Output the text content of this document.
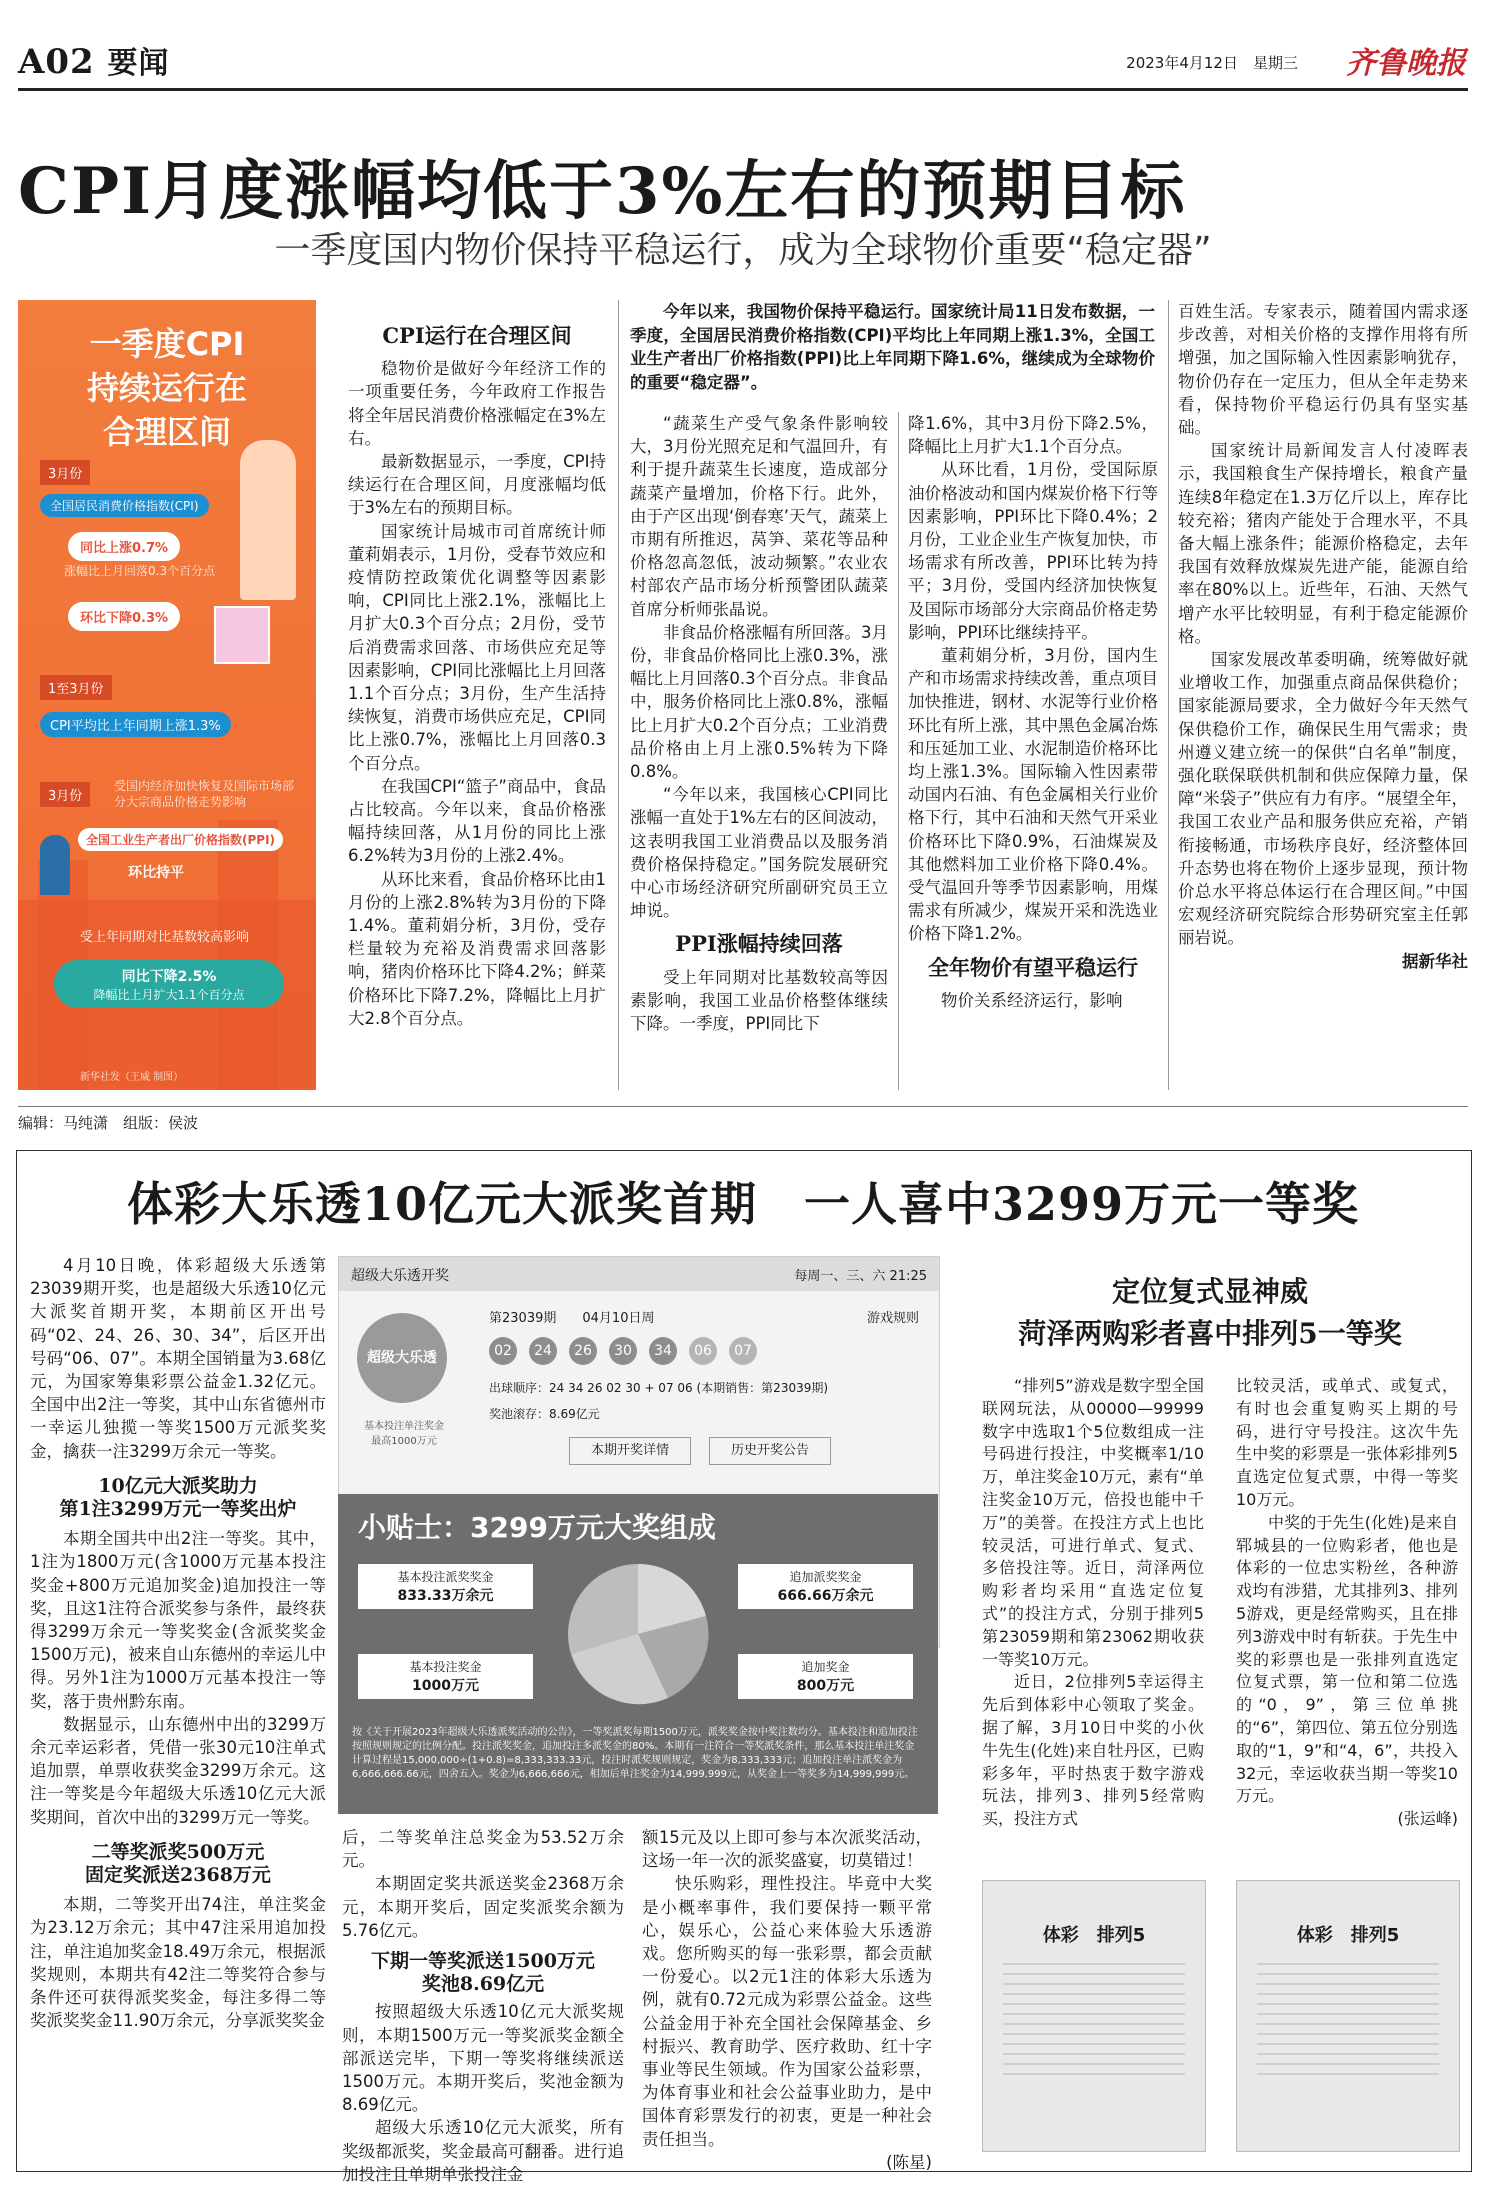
A02 要闻	2023年4月12日　 星期三 齐鲁晚报
CPI月度涨幅均低于3%左右的预期目标
一季度国内物价保持平稳运行，成为全球物价重要“稳定器”
一季度CPI
持续运行在
合理区间
3月份
全国居民消费价格指数(CPI)
同比上涨0.7%
涨幅比上月回落0.3个百分点
环比下降0.3%
1至3月份
CPI平均比上年同期上涨1.3%
3月份
受国内经济加快恢复及国际市场部分大宗商品价格走势影响
全国工业生产者出厂价格指数(PPI)
环比持平
受上年同期对比基数较高影响
同比下降2.5%
降幅比上月扩大1.1个百分点
新华社发（王威 制图）
CPI运行在合理区间

稳物价是做好今年经济工作的一项重要任务，今年政府工作报告将全年居民消费价格涨幅定在3%左右。

最新数据显示，一季度，CPI持续运行在合理区间，月度涨幅均低于3%左右的预期目标。

国家统计局城市司首席统计师董莉娟表示，1月份，受春节效应和疫情防控政策优化调整等因素影响，CPI同比上涨2.1%，涨幅比上月扩大0.3个百分点；2月份，受节后消费需求回落、市场供应充足等因素影响，CPI同比涨幅比上月回落1.1个百分点；3月份，生产生活持续恢复，消费市场供应充足，CPI同比上涨0.7%，涨幅比上月回落0.3个百分点。

在我国CPI“篮子”商品中，食品占比较高。今年以来，食品价格涨幅持续回落，从1月份的同比上涨6.2%转为3月份的上涨2.4%。

从环比来看，食品价格环比由1月份的上涨2.8%转为3月份的下降1.4%。董莉娟分析，3月份，受存栏量较为充裕及消费需求回落影响，猪肉价格环比下降4.2%；鲜菜价格环比下降7.2%，降幅比上月扩大2.8个百分点。

今年以来，我国物价保持平稳运行。国家统计局11日发布数据，一季度，全国居民消费价格指数(CPI)平均比上年同期上涨1.3%，全国工业生产者出厂价格指数(PPI)比上年同期下降1.6%，继续成为全球物价的重要“稳定器”。

“蔬菜生产受气象条件影响较大，3月份光照充足和气温回升，有利于提升蔬菜生长速度，造成部分蔬菜产量增加，价格下行。此外，由于产区出现‘倒春寒’天气，蔬菜上市期有所推迟，莴笋、菜花等品种价格忽高忽低，波动频繁。”农业农村部农产品市场分析预警团队蔬菜首席分析师张晶说。

非食品价格涨幅有所回落。3月份，非食品价格同比上涨0.3%，涨幅比上月回落0.3个百分点。非食品中，服务价格同比上涨0.8%，涨幅比上月扩大0.2个百分点；工业消费品价格由上月上涨0.5%转为下降0.8%。

“今年以来，我国核心CPI同比涨幅一直处于1%左右的区间波动，这表明我国工业消费品以及服务消费价格保持稳定。”国务院发展研究中心市场经济研究所副研究员王立坤说。

PPI涨幅持续回落

受上年同期对比基数较高等因素影响，我国工业品价格整体继续下降。一季度，PPI同比下

降1.6%，其中3月份下降2.5%，降幅比上月扩大1.1个百分点。

从环比看，1月份，受国际原油价格波动和国内煤炭价格下行等因素影响，PPI环比下降0.4%；2月份，工业企业生产恢复加快，市场需求有所改善，PPI环比转为持平；3月份，受国内经济加快恢复及国际市场部分大宗商品价格走势影响，PPI环比继续持平。

董莉娟分析，3月份，国内生产和市场需求持续改善，重点项目加快推进，钢材、水泥等行业价格环比有所上涨，其中黑色金属冶炼和压延加工业、水泥制造价格环比均上涨1.3%。国际输入性因素带动国内石油、有色金属相关行业价格下行，其中石油和天然气开采业价格环比下降0.9%，石油煤炭及其他燃料加工业价格下降0.4%。受气温回升等季节因素影响，用煤需求有所减少，煤炭开采和洗选业价格下降1.2%。

全年物价有望平稳运行

物价关系经济运行，影响

百姓生活。专家表示，随着国内需求逐步改善，对相关价格的支撑作用将有所增强，加之国际输入性因素影响犹存，物价仍存在一定压力，但从全年走势来看，保持物价平稳运行仍具有坚实基础。

国家统计局新闻发言人付凌晖表示，我国粮食生产保持增长，粮食产量连续8年稳定在1.3万亿斤以上，库存比较充裕；猪肉产能处于合理水平，不具备大幅上涨条件；能源价格稳定，去年我国有效释放煤炭先进产能，能源自给率在80%以上。近些年，石油、天然气增产水平比较明显，有利于稳定能源价格。

国家发展改革委明确，统筹做好就业增收工作，加强重点商品保供稳价；国家能源局要求，全力做好今年天然气保供稳价工作，确保民生用气需求；贵州遵义建立统一的保供“白名单”制度，强化联保联供机制和供应保障力量，保障“米袋子”供应有力有序。“展望全年，我国工农业产品和服务供应充裕，产销衔接畅通，市场秩序良好，经济整体回升态势也将在物价上逐步显现，预计物价总水平将总体运行在合理区间。”中国宏观经济研究院综合形势研究室主任郭丽岩说。

据新华社
编辑：马纯潇　组版：侯波
体彩大乐透10亿元大派奖首期　一人喜中3299万元一等奖

4月10日晚，体彩超级大乐透第23039期开奖，也是超级大乐透10亿元大派奖首期开奖，本期前区开出号码“02、24、26、30、34”，后区开出号码“06、07”。本期全国销量为3.68亿元，为国家筹集彩票公益金1.32亿元。全国中出2注一等奖，其中山东省德州市一幸运儿独揽一等奖1500万元派奖奖金，擒获一注3299万余元一等奖。

10亿元大派奖助力
第1注3299万元一等奖出炉

本期全国共中出2注一等奖。其中，1注为1800万元(含1000万元基本投注奖金+800万元追加奖金)追加投注一等奖，且这1注符合派奖参与条件，最终获得3299万余元一等奖奖金(含派奖奖金1500万元)，被来自山东德州的幸运儿中得。另外1注为1000万元基本投注一等奖，落于贵州黔东南。

数据显示，山东德州中出的3299万余元幸运彩者，凭借一张30元10注单式追加票，单票收获奖金3299万余元。这注一等奖是今年超级大乐透10亿元大派奖期间，首次中出的3299万元一等奖。

二等奖派奖500万元
固定奖派送2368万元

本期，二等奖开出74注，单注奖金为23.12万余元；其中47注采用追加投注，单注追加奖金18.49万余元，根据派奖规则，本期共有42注二等奖符合参与条件还可获得派奖奖金，每注多得二等奖派奖奖金11.90万余元，分享派奖奖金

超级大乐透开奖	每周一、三、六 21:25
超级大乐透
基本投注单注奖金
最高1000万元
第23039期　　 04月10日周	游戏规则
02	24	26	30	34	06	07
出球顺序：24 34 26 02 30 + 07 06 (本期销售：第23039期)
奖池滚存：8.69亿元
本期开奖详情	历史开奖公告
小贴士：3299万元大奖组成
基本投注派奖奖金
833.33万余元
追加派奖奖金
666.66万余元
基本投注奖金
1000万元
追加奖金
800万元
按《关于开展2023年超级大乐透派奖活动的公告》，一等奖派奖每期1500万元，派奖奖金按中奖注数均分。基本投注和追加投注按照规则规定的比例分配。投注派奖奖金，追加投注多派奖金的80%。本期有一注符合一等奖派奖条件，那么基本投注单注奖金计算过程是15,000,000÷(1+0.8)=8,333,333.33元，投注时派奖规则规定，奖金为8,333,333元；追加投注单注派奖金为6,666,666.66元，四舍五入。奖金为6,666,666元，相加后单注奖金为14,999,999元，从奖金上一等奖多为14,999,999元。

后，二等奖单注总奖金为53.52万余元。

本期固定奖共派送奖金2368万余元，本期开奖后，固定奖派奖余额为5.76亿元。

下期一等奖派送1500万元
奖池8.69亿元

按照超级大乐透10亿元大派奖规则，本期1500万元一等奖派奖金额全部派送完毕，下期一等奖将继续派送1500万元。本期开奖后，奖池金额为8.69亿元。

超级大乐透10亿元大派奖，所有奖级都派奖，奖金最高可翻番。进行追加投注且单期单张投注金

额15元及以上即可参与本次派奖活动，这场一年一次的派奖盛宴，切莫错过！

快乐购彩，理性投注。毕竟中大奖是小概率事件，我们要保持一颗平常心，娱乐心，公益心来体验大乐透游戏。您所购买的每一张彩票，都会贡献一份爱心。以2元1注的体彩大乐透为例，就有0.72元成为彩票公益金。这些公益金用于补充全国社会保障基金、乡村振兴、教育助学、医疗救助、红十字事业等民生领域。作为国家公益彩票，为体育事业和社会公益事业助力，是中国体育彩票发行的初衷，更是一种社会责任担当。

(陈星)
定位复式显神威
菏泽两购彩者喜中排列5一等奖

“排列5”游戏是数字型全国联网玩法，从00000—99999数字中选取1个5位数组成一注号码进行投注，中奖概率1/10万，单注奖金10万元，素有“单注奖金10万元，倍投也能中千万”的美誉。在投注方式上也比较灵活，可进行单式、复式、多倍投注等。近日，菏泽两位购彩者均采用“直选定位复式”的投注方式，分别于排列5第23059期和第23062期收获一等奖10万元。

近日，2位排列5幸运得主先后到体彩中心领取了奖金。据了解，3月10日中奖的小伙牛先生(化姓)来自牡丹区，已购彩多年，平时热衷于数字游戏玩法，排列3、排列5经常购买，投注方式

比较灵活，或单式、或复式，有时也会重复购买上期的号码，进行守号投注。这次牛先生中奖的彩票是一张体彩排列5直选定位复式票，中得一等奖10万元。

中奖的于先生(化姓)是来自郓城县的一位购彩者，他也是体彩的一位忠实粉丝，各种游戏均有涉猎，尤其排列3、排列5游戏，更是经常购买，且在排列3游戏中时有斩获。于先生中奖的彩票也是一张排列直选定位复式票，第一位和第二位选的“0，9”，第三位单挑的“6”，第四位、第五位分别选取的“1，9”和“4，6”，共投入32元，幸运收获当期一等奖10万元。

(张运峰)
体彩　排列5	体彩　排列5
